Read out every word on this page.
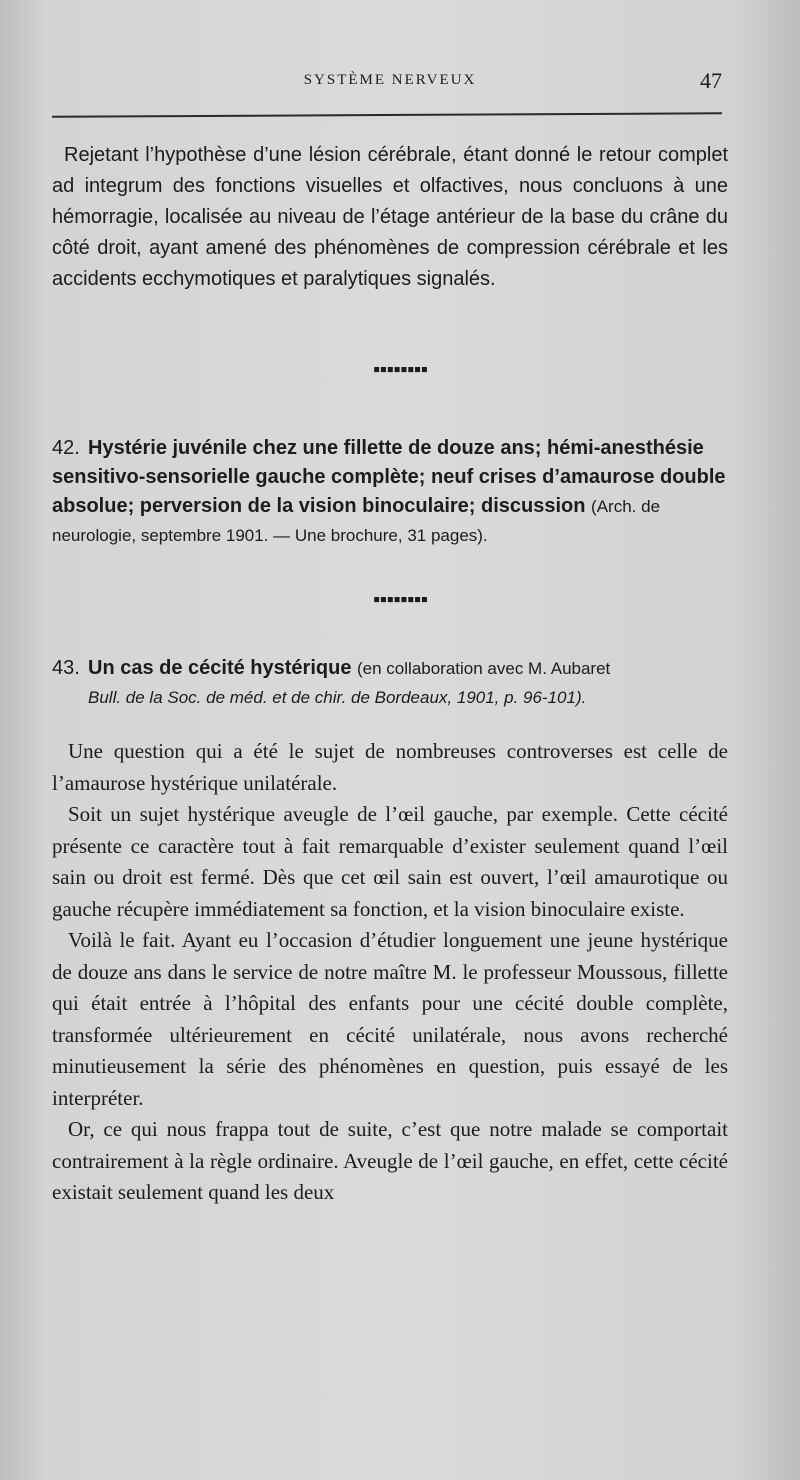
SYSTÈME NERVEUX	47
Rejetant l’hypothèse d’une lésion cérébrale, étant donné le retour complet ad integrum des fonctions visuelles et olfactives, nous concluons à une hémorragie, localisée au niveau de l’étage antérieur de la base du crâne du côté droit, ayant amené des phénomènes de compression cérébrale et les accidents ecchymotiques et paralytiques signalés.
▪▪▪▪▪▪▪▪
42. Hystérie juvénile chez une fillette de douze ans; hémi-anesthésie sensitivo-sensorielle gauche complète; neuf crises d’amaurose double absolue; perversion de la vision binoculaire; discussion (Arch. de neurologie, septembre 1901. — Une brochure, 31 pages).
▪▪▪▪▪▪▪▪
43. Un cas de cécité hystérique (en collaboration avec M. Aubaret
Bull. de la Soc. de méd. et de chir. de Bordeaux, 1901, p. 96-101).

Une question qui a été le sujet de nombreuses controverses est celle de l’amaurose hystérique unilatérale.

Soit un sujet hystérique aveugle de l’œil gauche, par exemple. Cette cécité présente ce caractère tout à fait remarquable d’exister seulement quand l’œil sain ou droit est fermé. Dès que cet œil sain est ouvert, l’œil amaurotique ou gauche récupère immédiatement sa fonction, et la vision binoculaire existe.

Voilà le fait. Ayant eu l’occasion d’étudier longuement une jeune hystérique de douze ans dans le service de notre maître M. le professeur Moussous, fillette qui était entrée à l’hôpital des enfants pour une cécité double complète, transformée ultérieurement en cécité unilatérale, nous avons recherché minutieusement la série des phénomènes en question, puis essayé de les interpréter.

Or, ce qui nous frappa tout de suite, c’est que notre malade se comportait contrairement à la règle ordinaire. Aveugle de l’œil gauche, en effet, cette cécité existait seulement quand les deux
